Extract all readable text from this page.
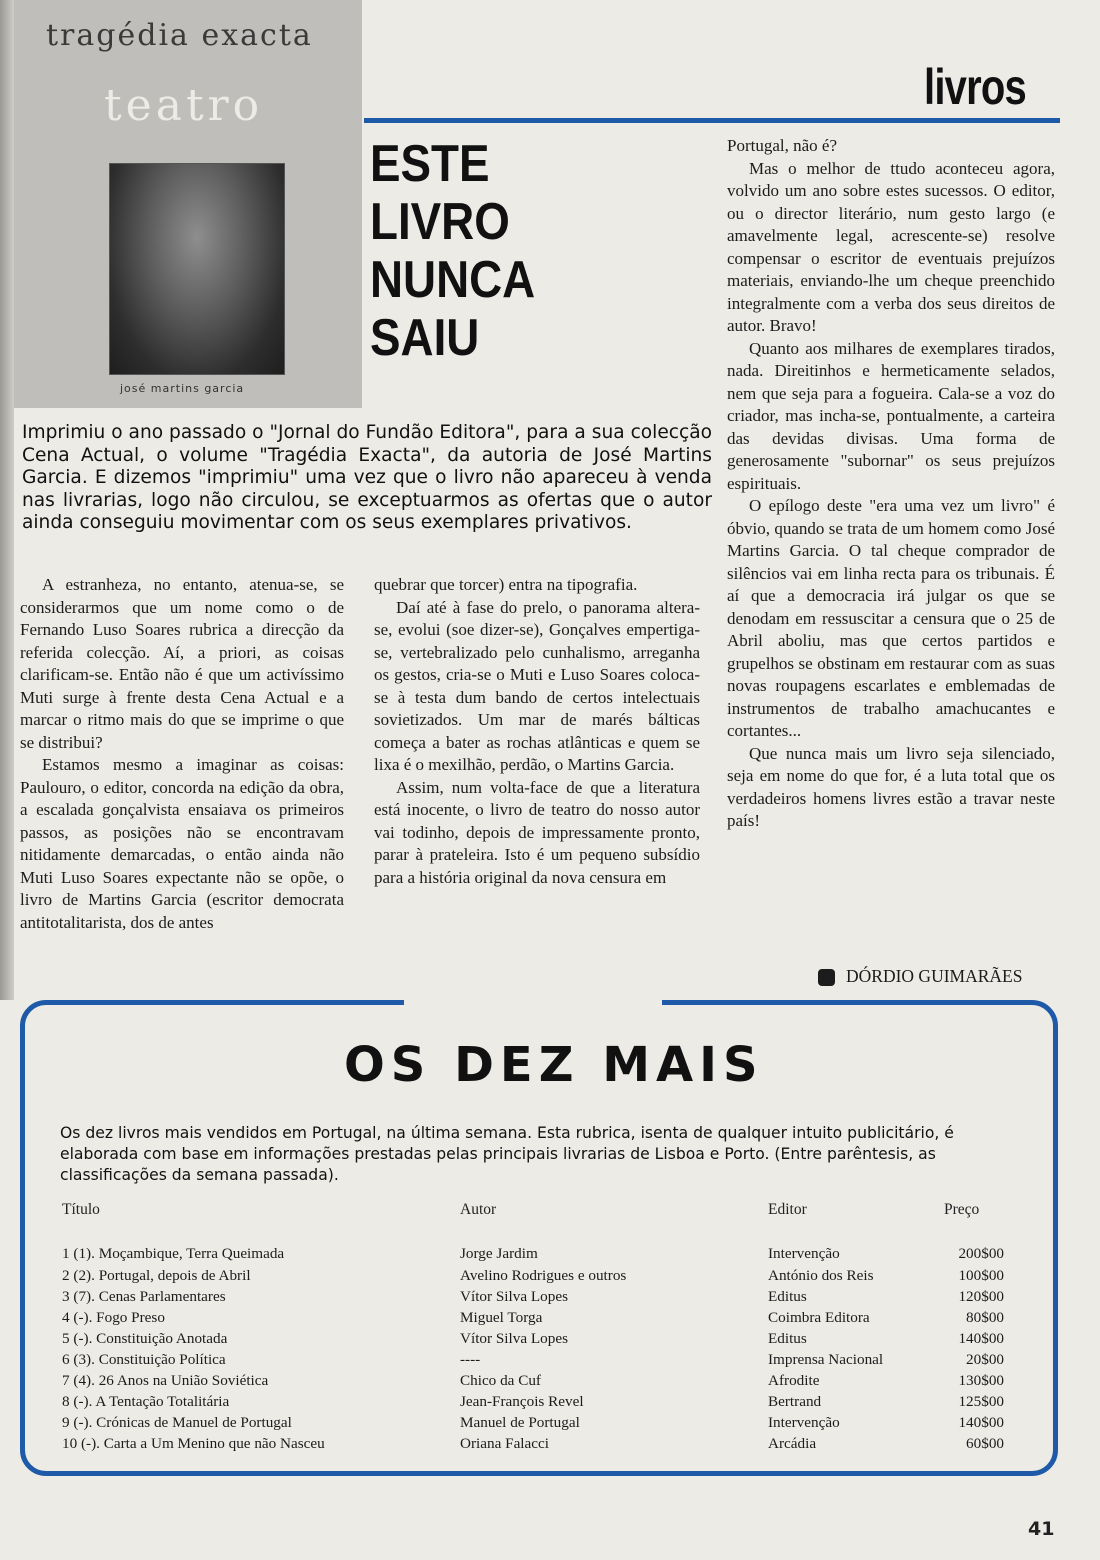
tragédia exacta
teatro
josé martins garcia
livros
ESTE
LIVRO
NUNCA
SAIU
Imprimiu o ano passado o "Jornal do Fundão Editora", para a sua colecção Cena Actual, o volume "Tragédia Exacta", da autoria de José Martins Garcia. E dizemos "imprimiu" uma vez que o livro não apareceu à venda nas livrarias, logo não circulou, se exceptuarmos as ofertas que o autor ainda conseguiu movimentar com os seus exemplares privativos.

A estranheza, no entanto, atenua-se, se considerarmos que um nome como o de Fernando Luso Soares rubrica a direcção da referida colecção. Aí, a priori, as coisas clarificam-se. Então não é que um activíssimo Muti surge à frente desta Cena Actual e a marcar o ritmo mais do que se imprime o que se distribui?

Estamos mesmo a imaginar as coisas: Paulouro, o editor, concorda na edição da obra, a escalada gonçalvista ensaiava os primeiros passos, as posições não se encontravam nitidamente demarcadas, o então ainda não Muti Luso Soares expectante não se opõe, o livro de Martins Garcia (escritor democrata antitotalitarista, dos de antes

quebrar que torcer) entra na tipografia.

Daí até à fase do prelo, o panorama altera-se, evolui (soe dizer-se), Gonçalves empertiga-se, vertebralizado pelo cunhalismo, arreganha os gestos, cria-se o Muti e Luso Soares coloca-se à testa dum bando de certos intelectuais sovietizados. Um mar de marés bálticas começa a bater as rochas atlânticas e quem se lixa é o mexilhão, perdão, o Martins Garcia.

Assim, num volta-face de que a literatura está inocente, o livro de teatro do nosso autor vai todinho, depois de impressamente pronto, parar à prateleira. Isto é um pequeno subsídio para a história original da nova censura em

Portugal, não é?

Mas o melhor de ttudo aconteceu agora, volvido um ano sobre estes sucessos. O editor, ou o director literário, num gesto largo (e amavelmente legal, acrescente-se) resolve compensar o escritor de eventuais prejuízos materiais, enviando-lhe um cheque preenchido integralmente com a verba dos seus direitos de autor. Bravo!

Quanto aos milhares de exemplares tirados, nada. Direitinhos e hermeticamente selados, nem que seja para a fogueira. Cala-se a voz do criador, mas incha-se, pontualmente, a carteira das devidas divisas. Uma forma de generosamente "subornar" os seus prejuízos espirituais.

O epílogo deste "era uma vez um livro" é óbvio, quando se trata de um homem como José Martins Garcia. O tal cheque comprador de silêncios vai em linha recta para os tribunais. É aí que a democracia irá julgar os que se denodam em ressuscitar a censura que o 25 de Abril aboliu, mas que certos partidos e grupelhos se obstinam em restaurar com as suas novas roupagens escarlates e emblemadas de instrumentos de trabalho amachucantes e cortantes...

Que nunca mais um livro seja silenciado, seja em nome do que for, é a luta total que os verdadeiros homens livres estão a travar neste país!

DÓRDIO GUIMARÃES
OS DEZ MAIS
Os dez livros mais vendidos em Portugal, na última semana. Esta rubrica, isenta de qualquer intuito publicitário, é elaborada com base em informações prestadas pelas principais livrarias de Lisboa e Porto. (Entre parêntesis, as classificações da semana passada).
Título	Autor	Editor	Preço
1 (1). Moçambique, Terra Queimada	Jorge Jardim	Intervenção	200$00
2 (2). Portugal, depois de Abril	Avelino Rodrigues e outros	António dos Reis	100$00
3 (7). Cenas Parlamentares	Vítor Silva Lopes	Editus	120$00
4 (-). Fogo Preso	Miguel Torga	Coimbra Editora	80$00
5 (-). Constituição Anotada	Vítor Silva Lopes	Editus	140$00
6 (3). Constituição Política	----	Imprensa Nacional	20$00
7 (4). 26 Anos na União Soviética	Chico da Cuf	Afrodite	130$00
8 (-). A Tentação Totalitária	Jean-François Revel	Bertrand	125$00
9 (-). Crónicas de Manuel de Portugal	Manuel de Portugal	Intervenção	140$00
10 (-). Carta a Um Menino que não Nasceu	Oriana Falacci	Arcádia	60$00
41
